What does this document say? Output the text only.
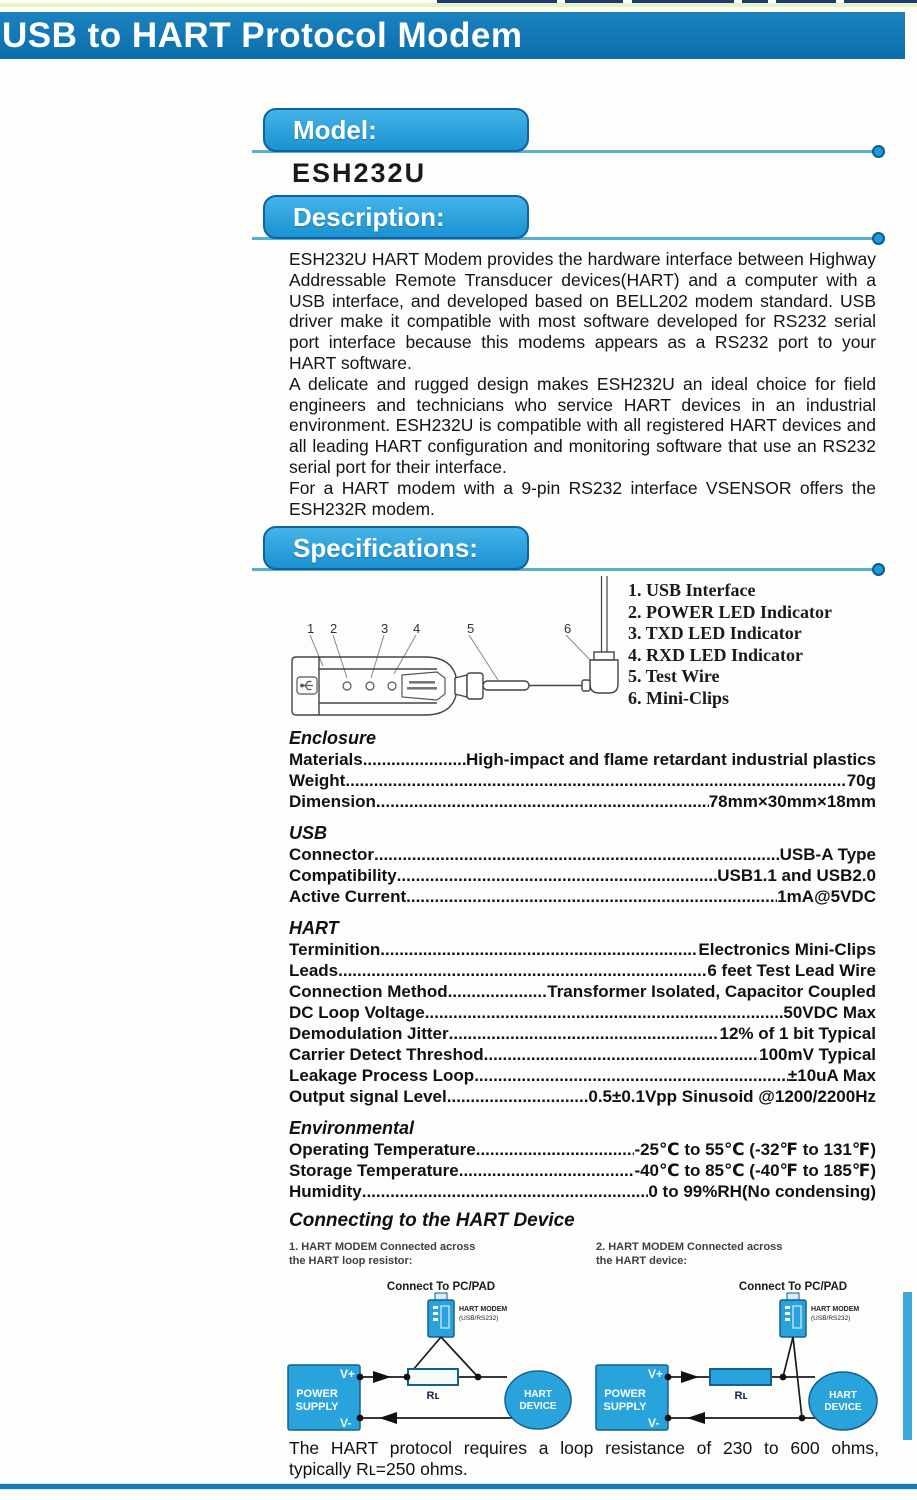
USB to HART Protocol Modem
Model:
ESH232U
Description:

ESH232U HART Modem provides the hardware interface between Highway Addressable Remote Transducer devices(HART) and a computer with a USB interface, and developed based on BELL202 modem standard. USB driver make it compatible with most software developed for RS232 serial port interface because this modems appears as a RS232 port to your HART software.

A delicate and rugged design makes ESH232U an ideal choice for field engineers and technicians who service HART devices in an industrial environment. ESH232U is compatible with all registered HART devices and all leading HART configuration and monitoring software that use an RS232 serial port for their interface.

For a HART modem with a 9-pin RS232 interface VSENSOR offers the ESH232R modem.

Specifications:
1 2	3 4	5	6
1. USB Interface
2. POWER LED Indicator
3. TXD LED Indicator
4. RXD LED Indicator
5. Test Wire
6. Mini-Clips
Enclosure
Materials .....	High-impact and flame retardant industrial plastics
Weight .....	70g
Dimension .....	78mm×30mm×18mm
USB
Connector .....	USB-A Type
Compatibility .....	USB1.1 and USB2.0
Active Current .....	1mA@5VDC
HART
Terminition .....	Electronics Mini-Clips
Leads .....	6 feet Test Lead Wire
Connection Method .....	Transformer Isolated, Capacitor Coupled
DC Loop Voltage .....	50VDC Max
Demodulation Jitter .....	12% of 1 bit Typical
Carrier Detect Threshod .....	100mV Typical
Leakage Process Loop .....	±10uA Max
Output signal Level .....	0.5±0.1Vpp Sinusoid @1200/2200Hz
Environmental
Operating Temperature .....	-25℃ to 55℃ (-32℉ to 131℉)
Storage Temperature .....	-40℃ to 85℃ (-40℉ to 185℉)
Humidity .....	0 to 99%RH(No condensing)
Connecting to the HART Device
1. HART MODEM Connected across
the HART loop resistor:
2. HART MODEM Connected across
the HART device:
Connect To PC/PAD
HART MODEM
(USB/RS232)
POWER
SUPPLY
V+
V-
Rʟ	HART
DEVICE
Connect To PC/PAD
HART MODEM
(USB/RS232)
POWER
SUPPLY
V+
V-
Rʟ	HART
DEVICE
The HART protocol requires a loop resistance of 230 to 600 ohms,
typically Rʟ=250 ohms.
